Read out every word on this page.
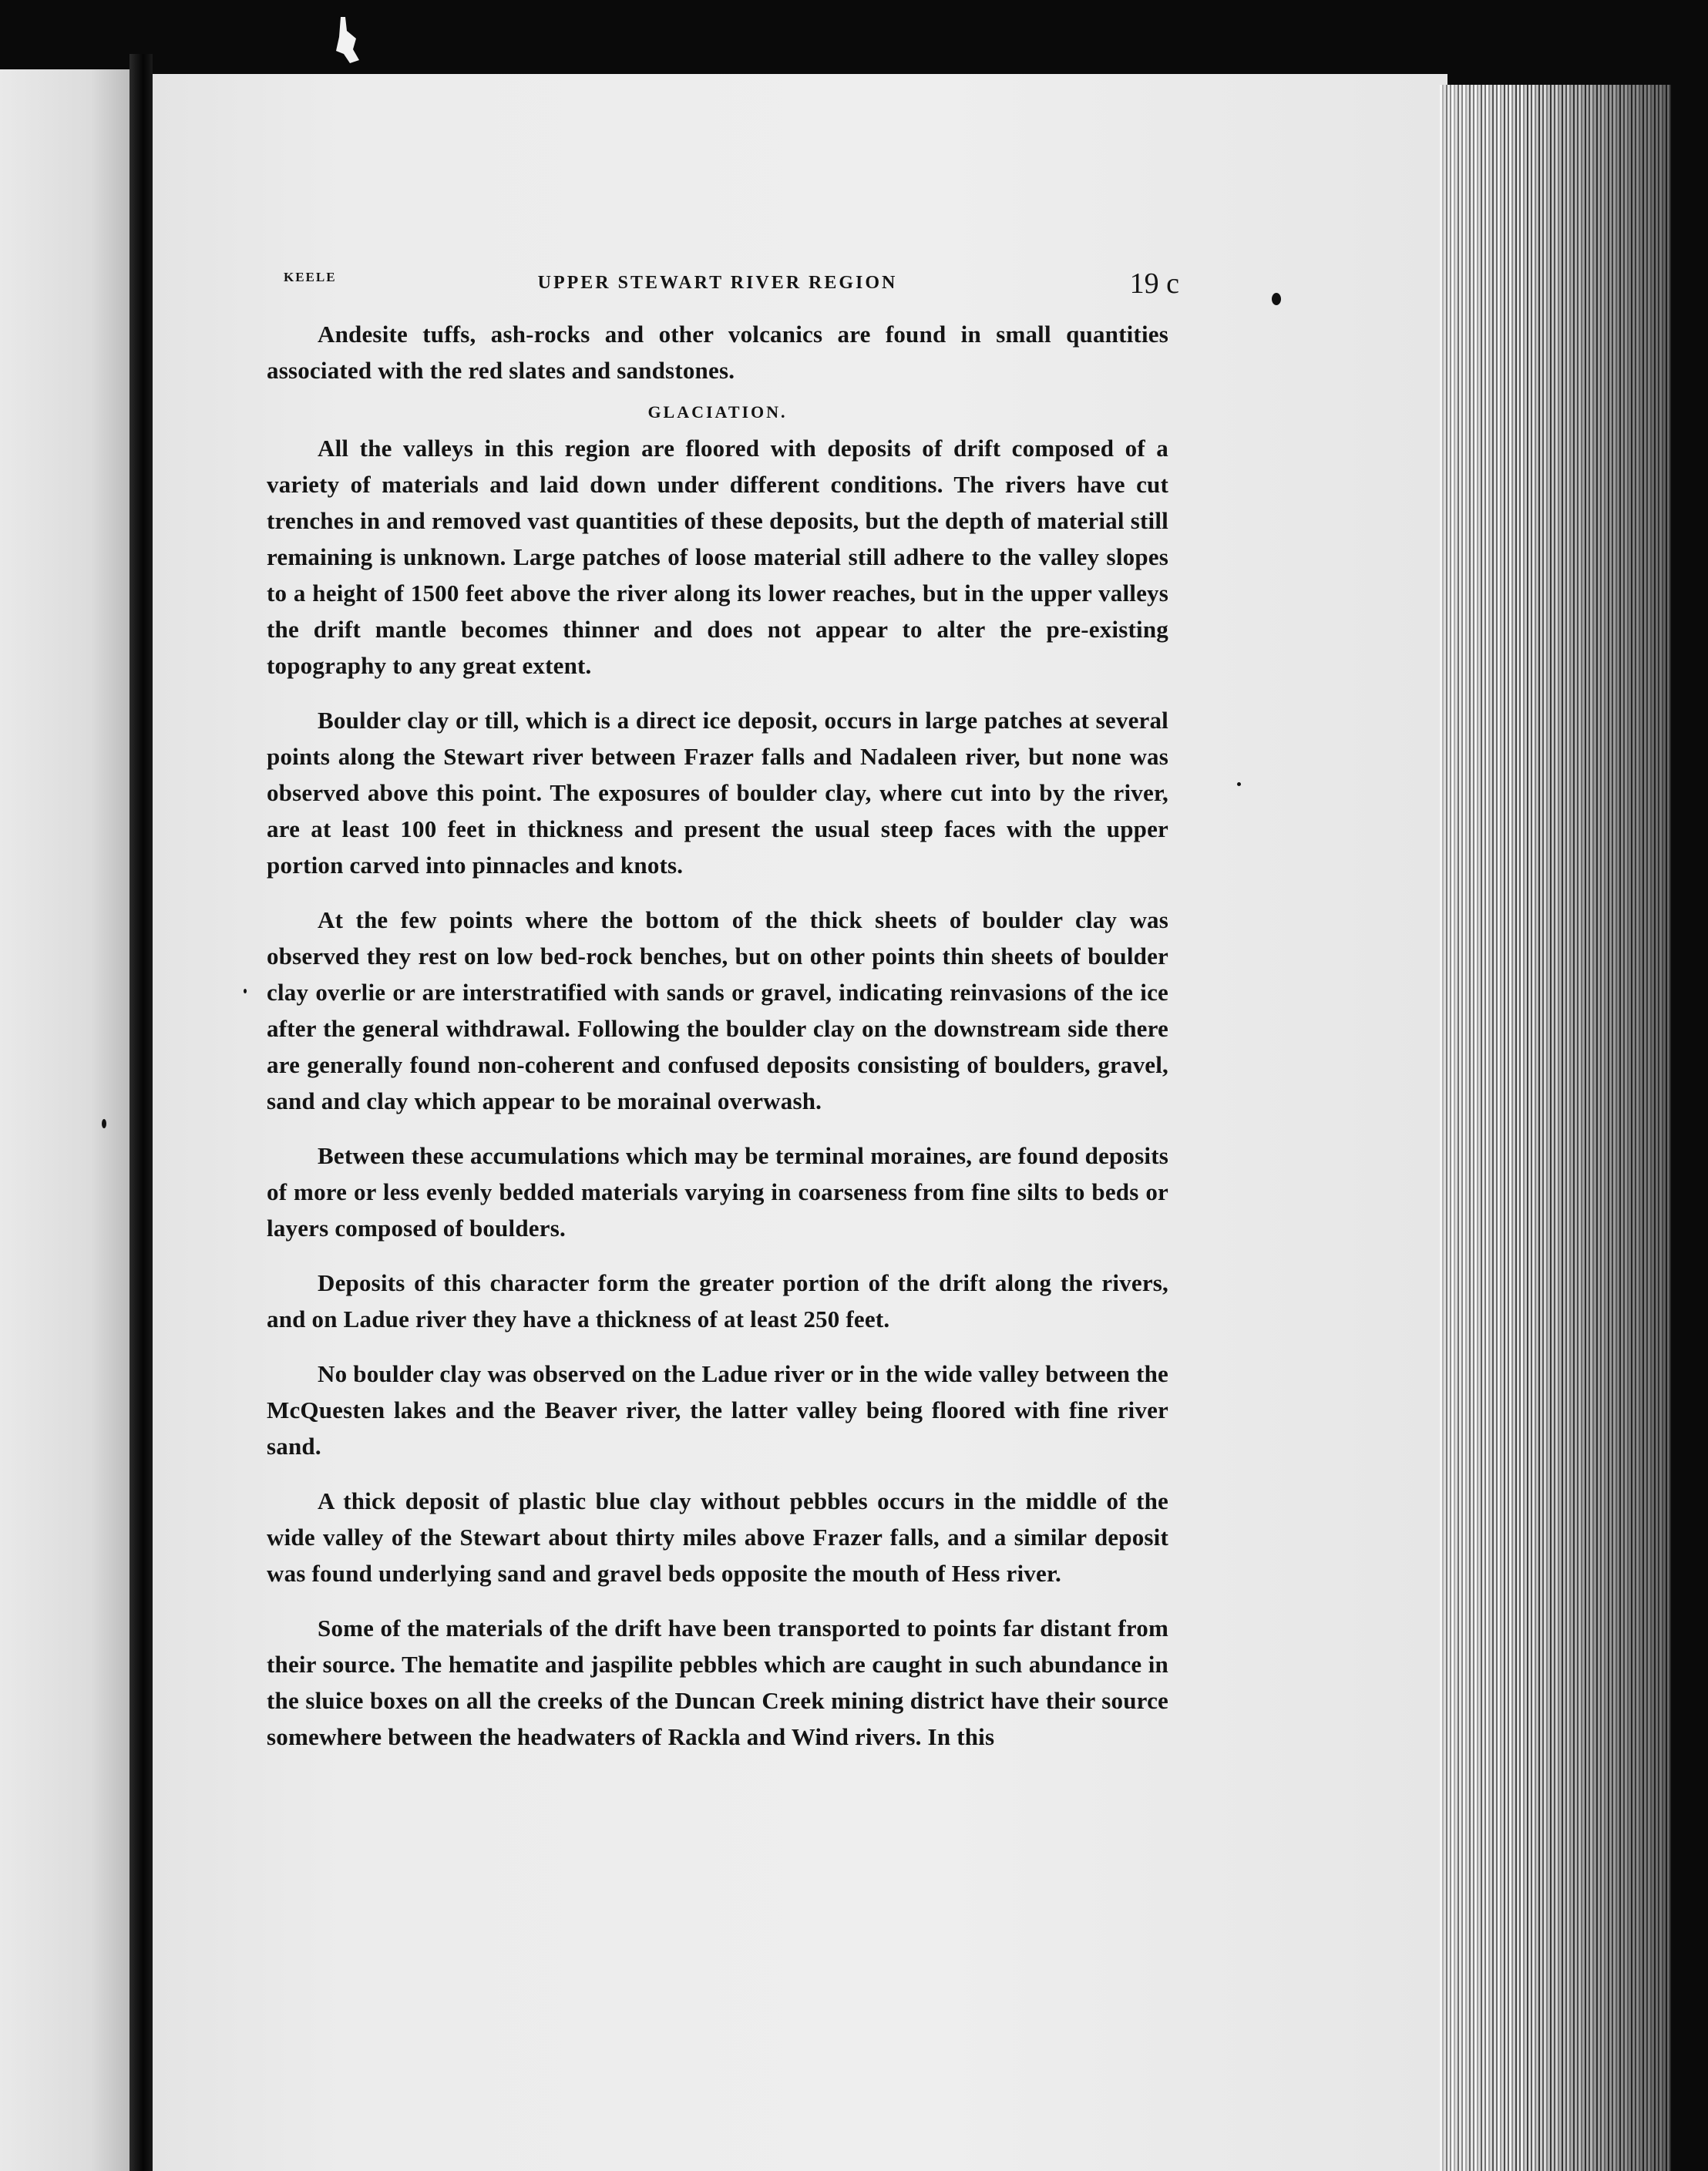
KEELE	UPPER STEWART RIVER REGION	19 c

Andesite tuffs, ash-rocks and other volcanics are found in small quantities associated with the red slates and sandstones.

GLACIATION.

All the valleys in this region are floored with deposits of drift composed of a variety of materials and laid down under different conditions. The rivers have cut trenches in and removed vast quantities of these deposits, but the depth of material still remaining is unknown. Large patches of loose material still adhere to the valley slopes to a height of 1500 feet above the river along its lower reaches, but in the upper valleys the drift mantle becomes thinner and does not appear to alter the pre-existing topography to any great extent.

Boulder clay or till, which is a direct ice deposit, occurs in large patches at several points along the Stewart river between Frazer falls and Nadaleen river, but none was observed above this point. The exposures of boulder clay, where cut into by the river, are at least 100 feet in thickness and present the usual steep faces with the upper portion carved into pinnacles and knots.

At the few points where the bottom of the thick sheets of boulder clay was observed they rest on low bed-rock benches, but on other points thin sheets of boulder clay overlie or are interstratified with sands or gravel, indicating reinvasions of the ice after the general withdrawal. Following the boulder clay on the downstream side there are generally found non-coherent and confused deposits consisting of boulders, gravel, sand and clay which appear to be morainal overwash.

Between these accumulations which may be terminal moraines, are found deposits of more or less evenly bedded materials varying in coarseness from fine silts to beds or layers composed of boulders.

Deposits of this character form the greater portion of the drift along the rivers, and on Ladue river they have a thickness of at least 250 feet.

No boulder clay was observed on the Ladue river or in the wide valley between the McQuesten lakes and the Beaver river, the latter valley being floored with fine river sand.

A thick deposit of plastic blue clay without pebbles occurs in the middle of the wide valley of the Stewart about thirty miles above Frazer falls, and a similar deposit was found underlying sand and gravel beds opposite the mouth of Hess river.

Some of the materials of the drift have been transported to points far distant from their source. The hematite and jaspilite pebbles which are caught in such abundance in the sluice boxes on all the creeks of the Duncan Creek mining district have their source somewhere between the headwaters of Rackla and Wind rivers. In this
